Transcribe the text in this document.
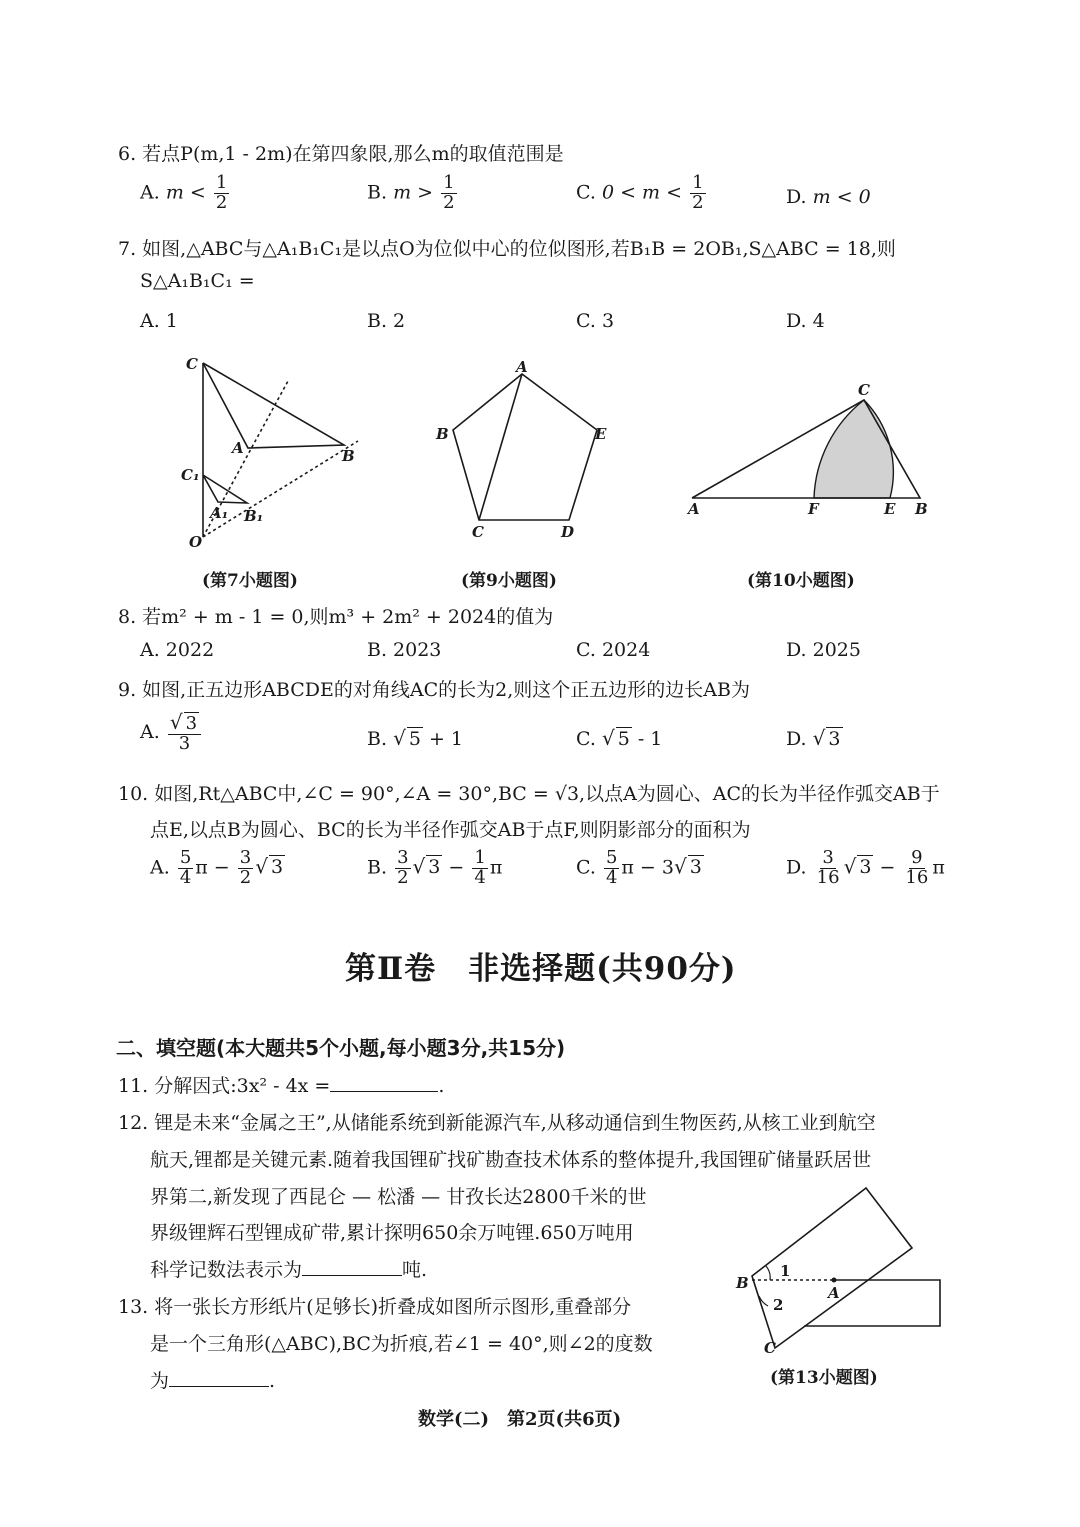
6. 若点P(m,1 - 2m)在第四象限,那么m的取值范围是
A. $m < \frac{1}{2}$	B. $m > \frac{1}{2}$	C. $0 < m < \frac{1}{2}$	D. m < 0
7. 如图,△ABC与△A₁B₁C₁是以点O为位似中心的位似图形,若B₁B = 2OB₁,S△ABC = 18,则
S△A₁B₁C₁ =
A. 1	B. 2	C. 3	D. 4
C
A	B
C₁
A₁ B₁
O
(第7小题图)
A
B	E
C	D
(第9小题图)
C
A	F	E B
(第10小题图)
8. 若m² + m - 1 = 0,则m³ + 2m² + 2024的值为
A. 2022	B. 2023	C. 2024	D. 2025
9. 如图,正五边形ABCDE的对角线AC的长为2,则这个正五边形的边长AB为
A. $\frac{√ 3}{3}$	B. √ 5 + 1	C. √ 5 - 1	D. √ 3
10. 如图,Rt△ABC中,∠C = 90°,∠A = 30°,BC = √3,以点A为圆心、AC的长为半径作弧交AB于
点E,以点B为圆心、BC的长为半径作弧交AB于点F,则阴影部分的面积为
A. $\frac{5}{4}$ $\pi - \frac{3}{2}$ √ 3	B. $\frac{3}{2}$ √ $3 - \frac{1}{4}$ π	C. $\frac{5}{4}$ π − 3√ 3	D. $\frac{3}{16}$ √ $3 - \frac{9}{16}$ π
第Ⅱ卷　非选择题(共90分)
二、填空题(本大题共5个小题,每小题3分,共15分)
11. 分解因式:3x² - 4x =	.
12. 锂是未来“金属之王”,从储能系统到新能源汽车,从移动通信到生物医药,从核工业到航空
航天,锂都是关键元素.随着我国锂矿找矿勘查技术体系的整体提升,我国锂矿储量跃居世
界第二,新发现了西昆仑 — 松潘 — 甘孜长达2800千米的世
界级锂辉石型锂成矿带,累计探明650余万吨锂.650万吨用
科学记数法表示为	吨.
13. 将一张长方形纸片(足够长)折叠成如图所示图形,重叠部分
是一个三角形(△ABC),BC为折痕,若∠1 = 40°,则∠2的度数
为	.
B
1
A
2
C
(第13小题图)
数学(二)　第2页(共6页)
